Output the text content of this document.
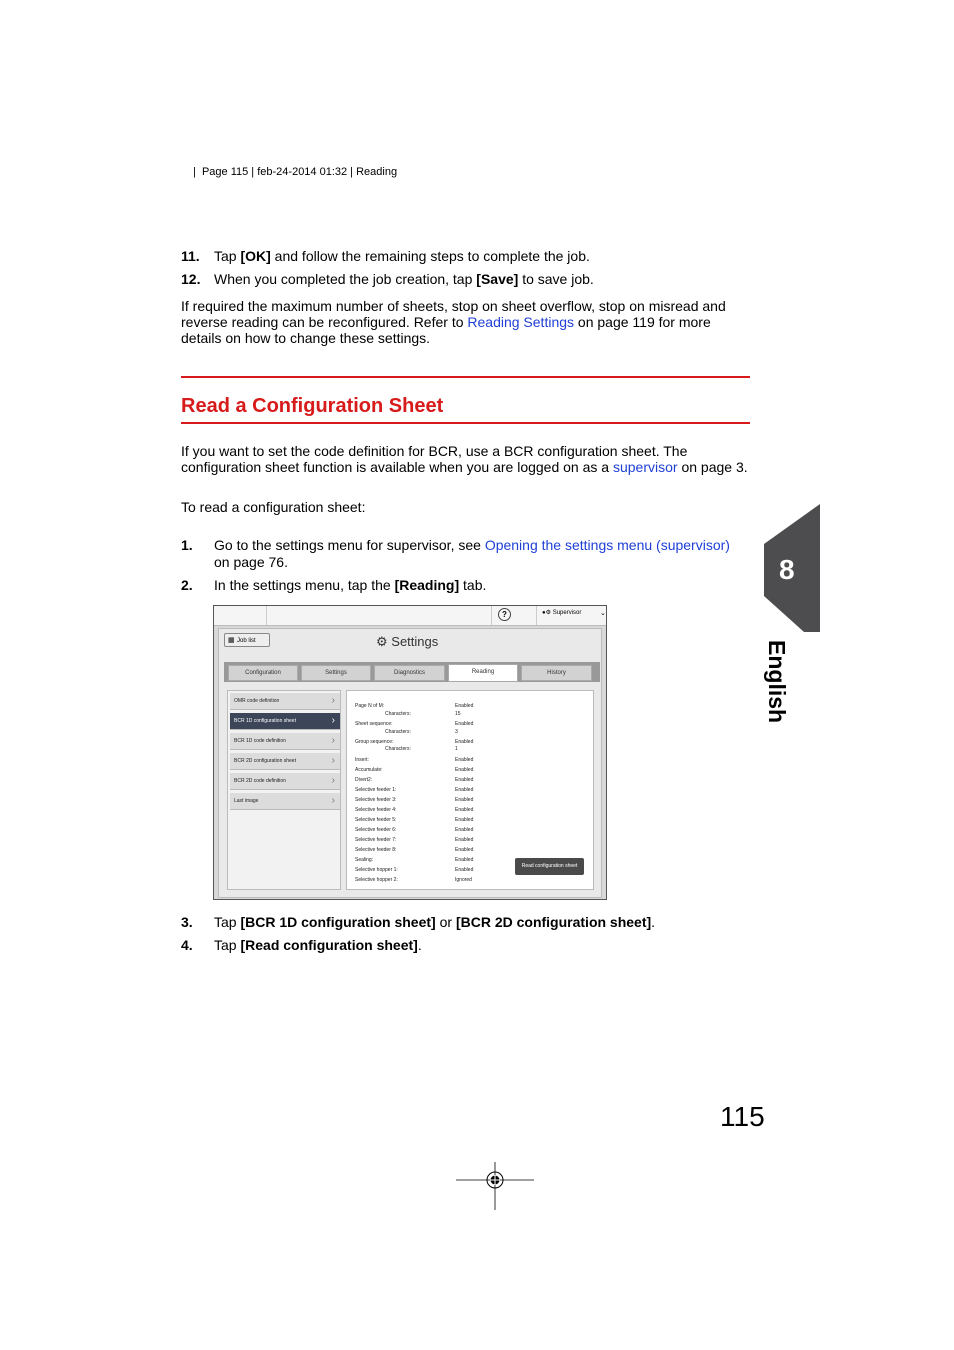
|  Page 115 | feb-24-2014 01:32 | Reading
11. Tap [OK] and follow the remaining steps to complete the job.
12. When you completed the job creation, tap [Save] to save job.
If required the maximum number of sheets, stop on sheet overflow, stop on misread and reverse reading can be reconfigured. Refer to Reading Settings on page 119 for more details on how to change these settings.
Read a Configuration Sheet
If you want to set the code definition for BCR, use a BCR configuration sheet. The configuration sheet function is available when you are logged on as a supervisor on page 3.
To read a configuration sheet:
1. Go to the settings menu for supervisor, see Opening the settings menu (supervisor)
on page 76.
2. In the settings menu, tap the [Reading] tab.
?	●⚙ Supervisor	⌄
▦ Job list	⚙ Settings
Configuration	Settings	Diagnostics	Reading	History
OMR code definition	›
BCR 1D configuration sheet	›
BCR 1D code definition	›
BCR 2D configuration sheet	›
BCR 2D code definition	›
Last image	›
Page N of M:	Enabled
Characters:	15
Sheet sequence:	Enabled
Characters:	3
Group sequence:	Enabled
Characters:	1
Insert:	Enabled
Accumulate:	Enabled
Divert2:	Enabled
Selective feeder 1:	Enabled
Selective feeder 3:	Enabled
Selective feeder 4:	Enabled
Selective feeder 5:	Enabled
Selective feeder 6:	Enabled
Selective feeder 7:	Enabled
Selective feeder 8:	Enabled
Sealing:	Enabled
Selective hopper 1:	Enabled
Selective hopper 2:	Ignored
Read configuration sheet
3. Tap [BCR 1D configuration sheet] or [BCR 2D configuration sheet].
4. Tap [Read configuration sheet].
8
English
115
